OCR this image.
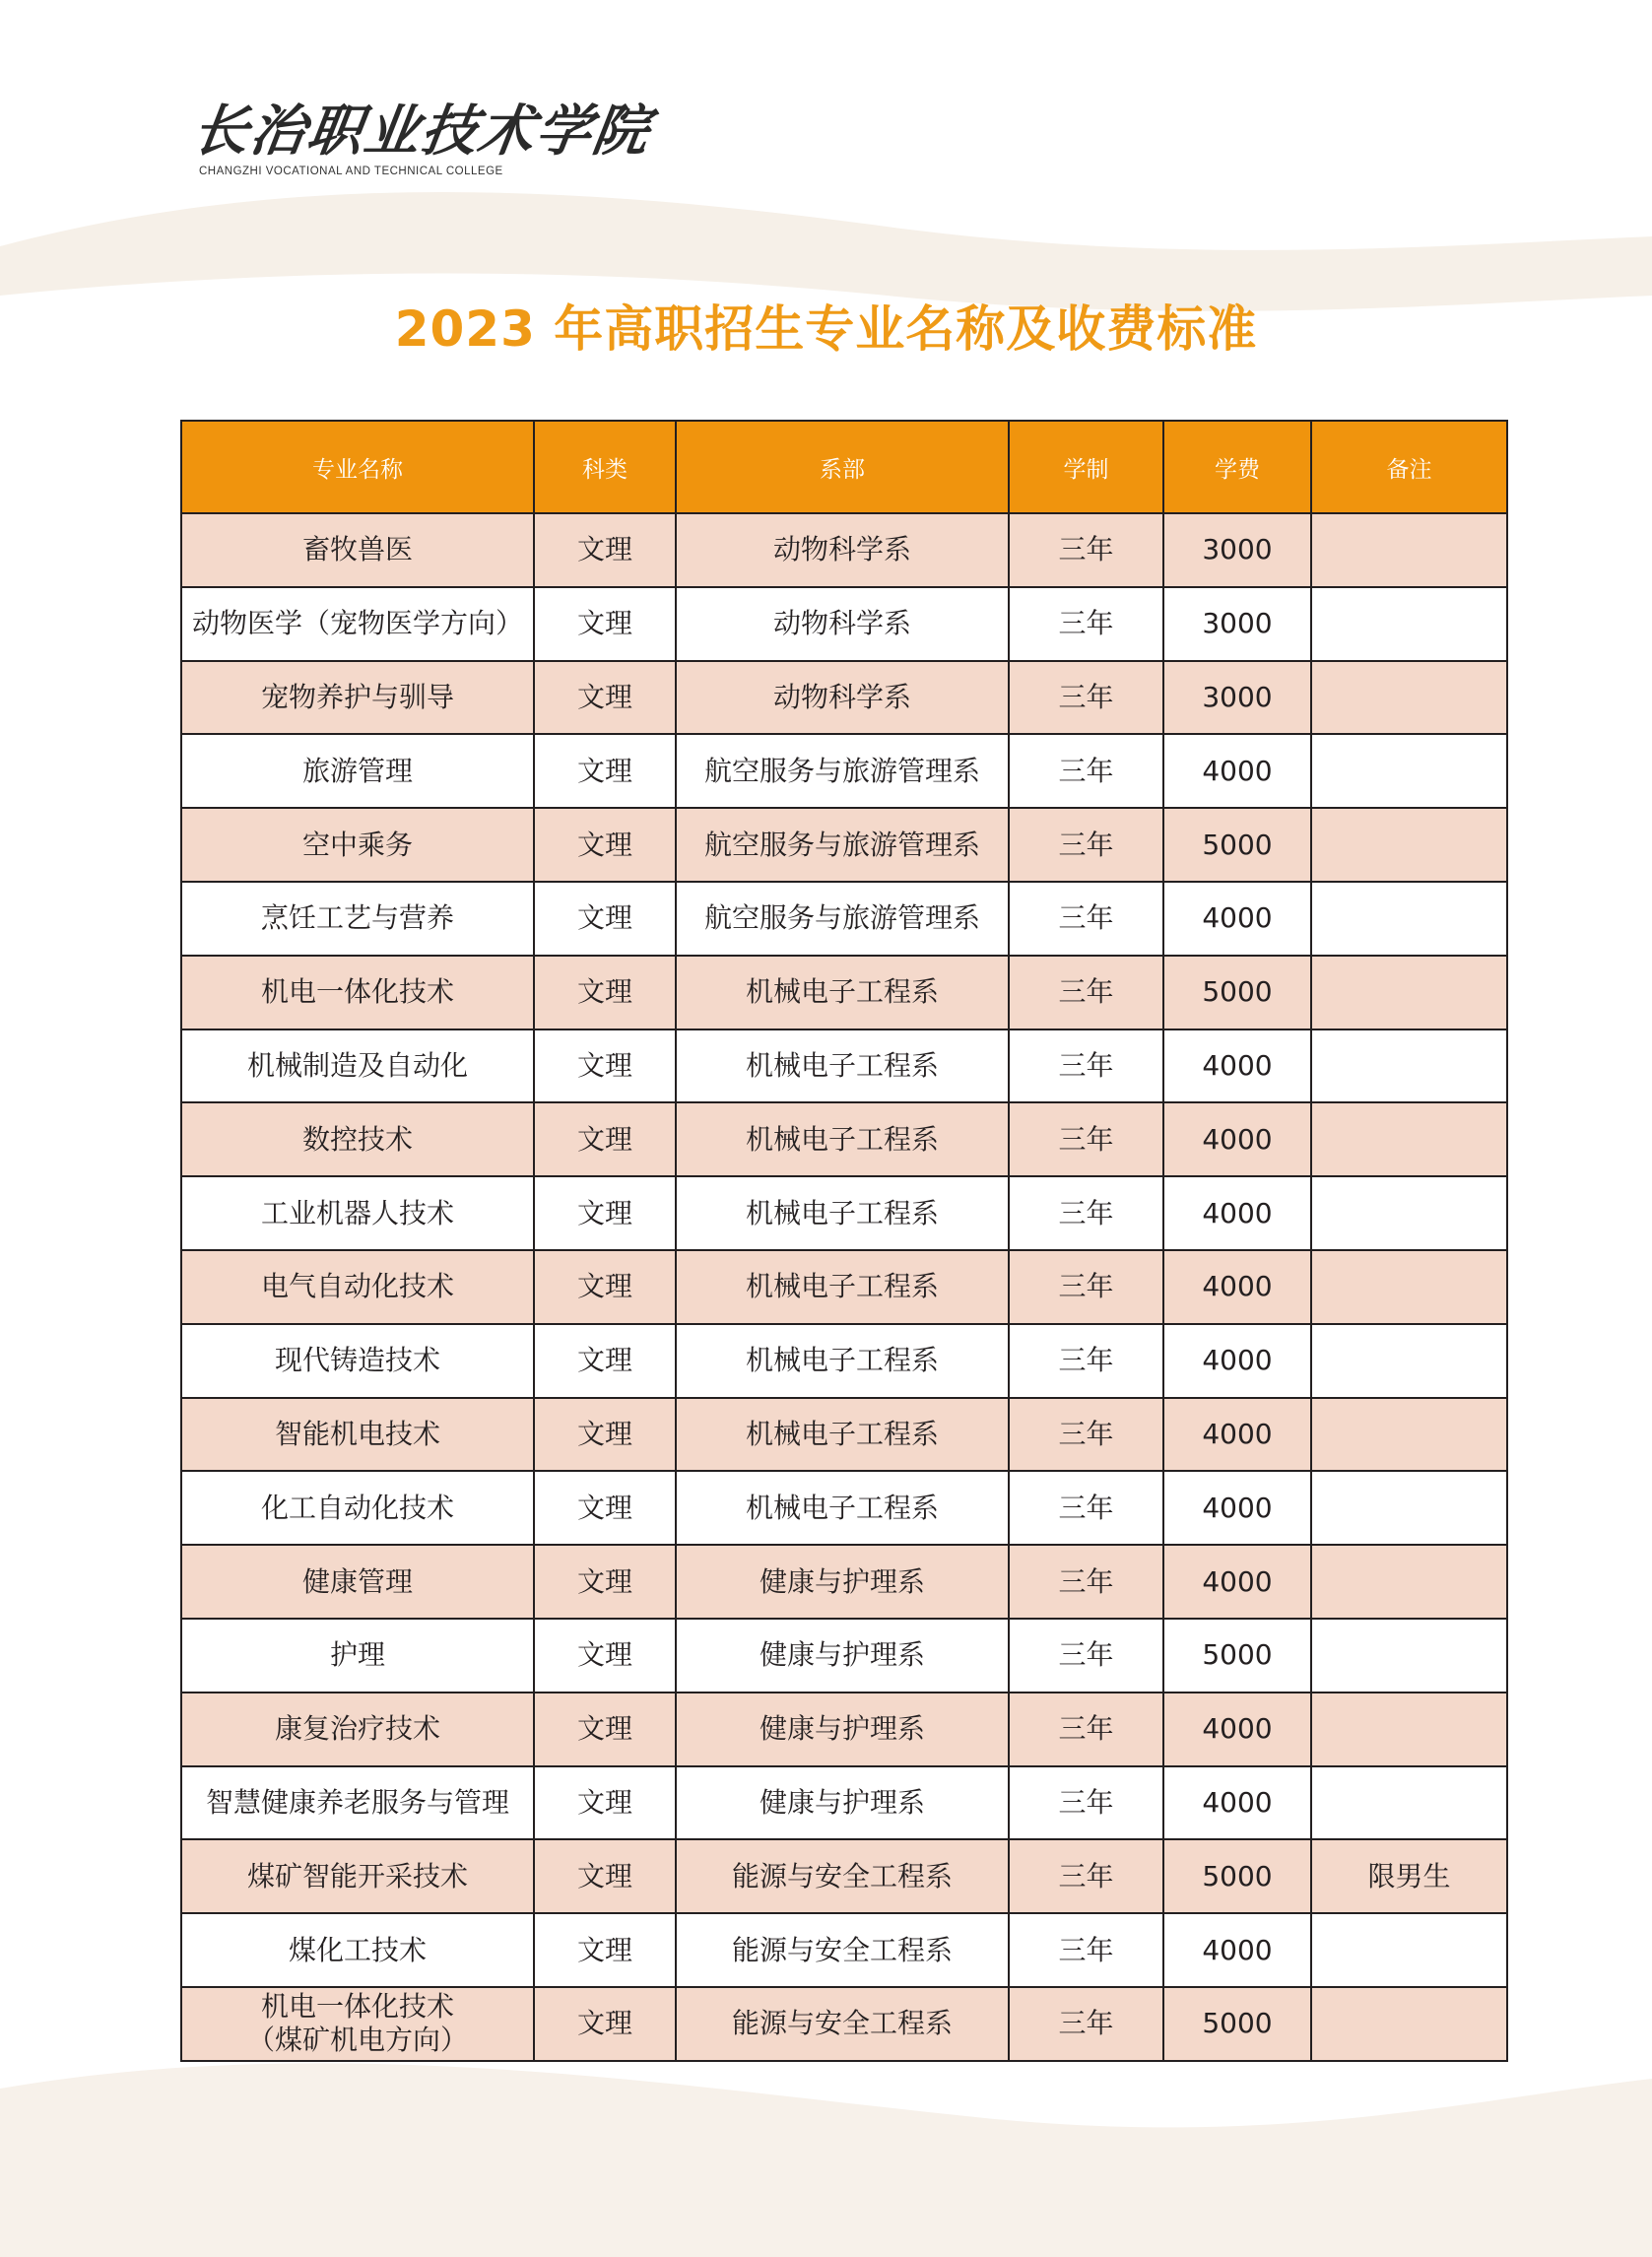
长治职业技术学院
CHANGZHI VOCATIONAL AND TECHNICAL COLLEGE
2023 年高职招生专业名称及收费标准
专业名称	科类	系部	学制	学费	备注
畜牧兽医	文理	动物科学系	三年	3000	
动物医学（宠物医学方向）	文理	动物科学系	三年	3000	
宠物养护与驯导	文理	动物科学系	三年	3000	
旅游管理	文理	航空服务与旅游管理系	三年	4000	
空中乘务	文理	航空服务与旅游管理系	三年	5000	
烹饪工艺与营养	文理	航空服务与旅游管理系	三年	4000	
机电一体化技术	文理	机械电子工程系	三年	5000	
机械制造及自动化	文理	机械电子工程系	三年	4000	
数控技术	文理	机械电子工程系	三年	4000	
工业机器人技术	文理	机械电子工程系	三年	4000	
电气自动化技术	文理	机械电子工程系	三年	4000	
现代铸造技术	文理	机械电子工程系	三年	4000	
智能机电技术	文理	机械电子工程系	三年	4000	
化工自动化技术	文理	机械电子工程系	三年	4000	
健康管理	文理	健康与护理系	三年	4000	
护理	文理	健康与护理系	三年	5000	
康复治疗技术	文理	健康与护理系	三年	4000	
智慧健康养老服务与管理	文理	健康与护理系	三年	4000	
煤矿智能开采技术	文理	能源与安全工程系	三年	5000	限男生
煤化工技术	文理	能源与安全工程系	三年	4000	
机电一体化技术
（煤矿机电方向）	文理	能源与安全工程系	三年	5000	
